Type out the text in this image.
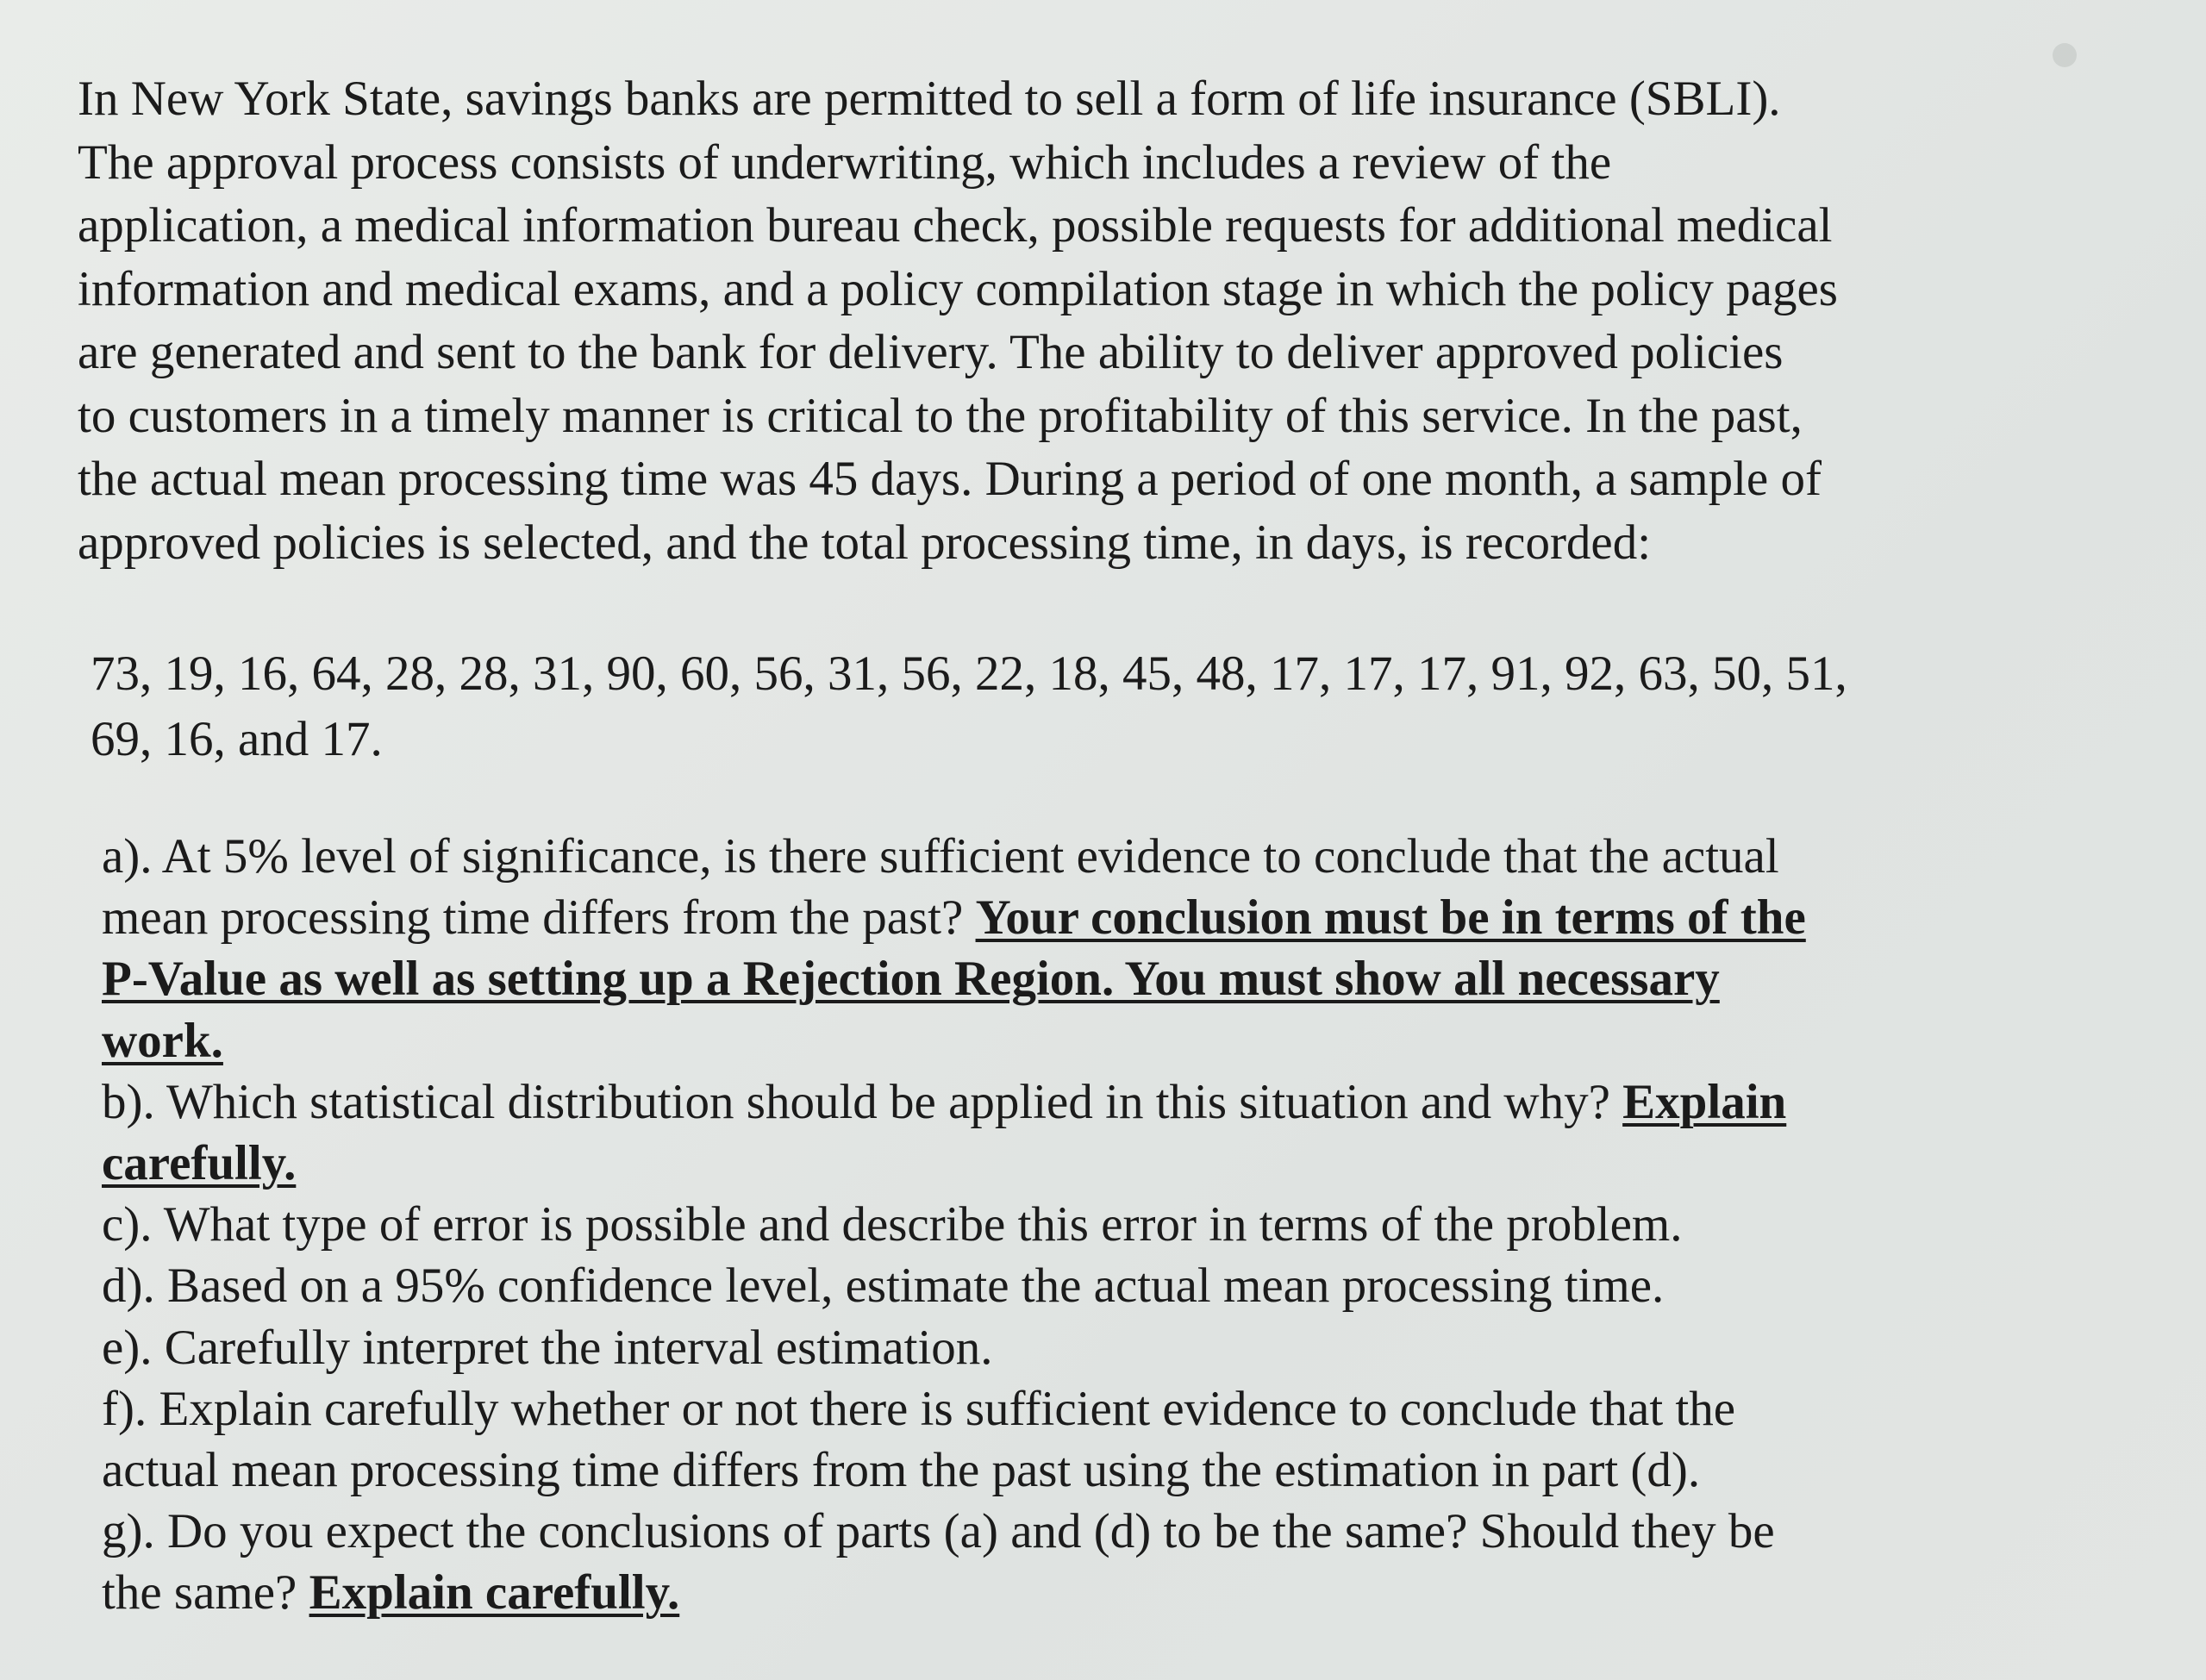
In New York State, savings banks are permitted to sell a form of life insurance (SBLI).
The approval process consists of underwriting, which includes a review of the
application, a medical information bureau check, possible requests for additional medical
information and medical exams, and a policy compilation stage in which the policy pages
are generated and sent to the bank for delivery. The ability to deliver approved policies
to customers in a timely manner is critical to the profitability of this service. In the past,
the actual mean processing time was 45 days. During a period of one month, a sample of
approved policies is selected, and the total processing time, in days, is recorded:

73, 19, 16, 64, 28, 28, 31, 90, 60, 56, 31, 56, 22, 18, 45, 48, 17, 17, 17, 91, 92, 63, 50, 51,
69, 16, and 17.

a). At 5% level of significance, is there sufficient evidence to conclude that the actual
mean processing time differs from the past? Your conclusion must be in terms of the
P-Value as well as setting up a Rejection Region. You must show all necessary
work.
b). Which statistical distribution should be applied in this situation and why? Explain
carefully.
c). What type of error is possible and describe this error in terms of the problem.
d). Based on a 95% confidence level, estimate the actual mean processing time.
e). Carefully interpret the interval estimation.
f). Explain carefully whether or not there is sufficient evidence to conclude that the
actual mean processing time differs from the past using the estimation in part (d).
g). Do you expect the conclusions of parts (a) and (d) to be the same? Should they be
the same? Explain carefully.
